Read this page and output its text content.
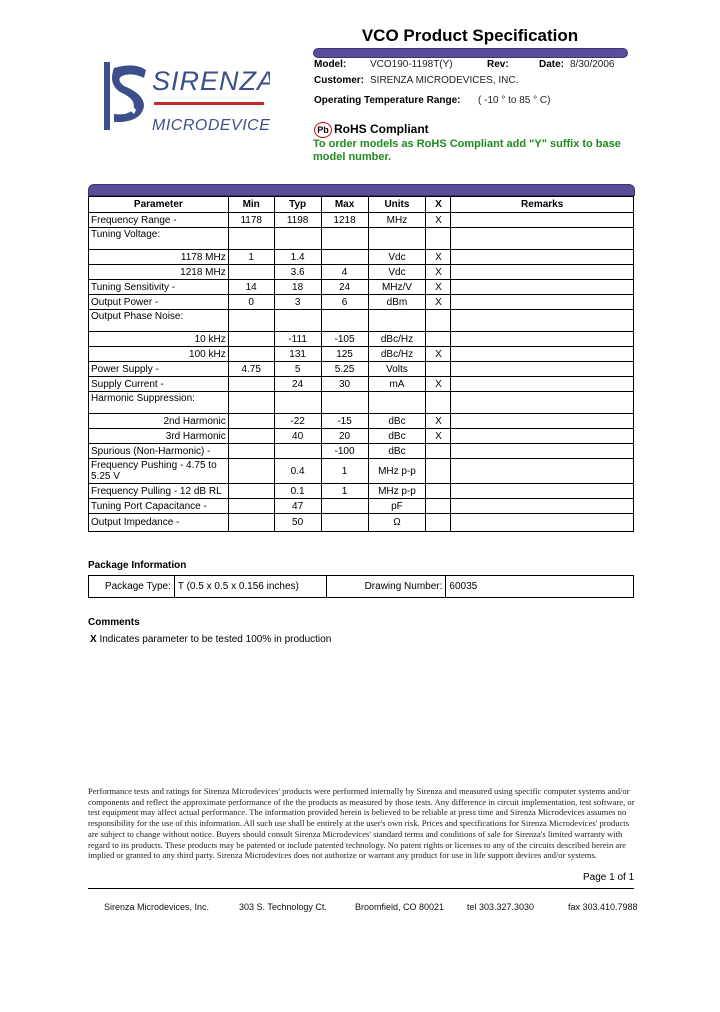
VCO Product Specification
SIRENZA
MICRODEVICES
Model: VCO190-1198T(Y)	Rev:	Date: 8/30/2006
Customer: SIRENZA MICRODEVICES, INC.
Operating Temperature Range: ( -10 ° to 85 ° C)
Pb RoHS Compliant
To order models as RoHS Compliant add "Y" suffix to base model number.
Parameter	Min	Typ	Max	Units	X	Remarks
Frequency Range -	1178	1198	1218	MHz	X	
Tuning Voltage:						
1178 MHz	1	1.4		Vdc	X	
1218 MHz		3.6	4	Vdc	X	
Tuning Sensitivity -	14	18	24	MHz/V	X	
Output Power -	0	3	6	dBm	X	
Output Phase Noise:						
10 kHz		-111	-105	dBc/Hz		
100 kHz		131	125	dBc/Hz	X	
Power Supply -	4.75	5	5.25	Volts		
Supply Current -		24	30	mA	X	
Harmonic Suppression:						
2nd Harmonic		-22	-15	dBc	X	
3rd Harmonic		40	20	dBc	X	
Spurious (Non-Harmonic) -			-100	dBc		
Frequency Pushing - 4.75 to 5.25 V		0.4	1	MHz p-p		
Frequency Pulling - 12 dB RL		0.1	1	MHz p-p		
Tuning Port Capacitance -		47		pF		
Output Impedance -		50		Ω		
Package Information
Package Type:	T (0.5 x 0.5 x 0.156 inches)	Drawing Number:	60035
Comments
X Indicates parameter to be tested 100% in production
Performance tests and ratings for Sirenza Microdevices' products were performed internally by Sirenza and measured using specific computer systems and/or components and reflect the approximate performance of the the products as measured by those tests. Any difference in circuit implementation, test software, or test equipment may affect actual performance. The information provided herein is believed to be reliable at press time and Sirenza Microdevices assumes no responsibility for the use of this information. All such use shall be entirely at the user's own risk. Prices and specifications for Sirenza Microdevices' products are subject to change without notice. Buyers should consult Sirenza Microdevices' standard terms and conditions of sale for Sirenza's limited warranty with regard to its products. These products may be patented or include patented technology. No patent rights or licenses to any of the circuits described herein are implied or granted to any third party. Sirenza Microdevices does not authorize or warrant any product for use in life support devices and/or systems.
Page 1 of 1
Sirenza Microdevices, Inc.	303 S. Technology Ct.	Broomfield, CO 80021	tel 303.327.3030	fax 303.410.7988
